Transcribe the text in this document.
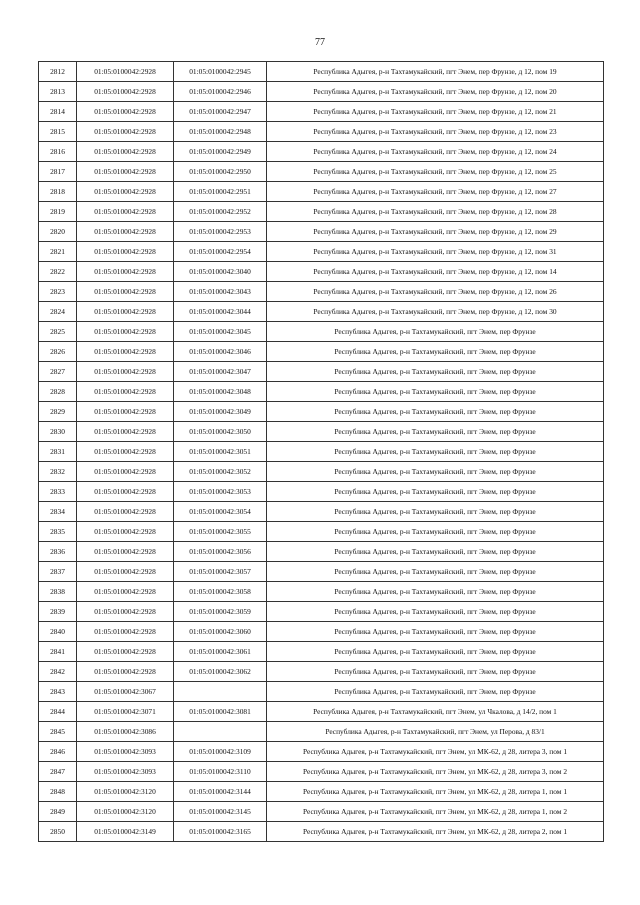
77
2812	01:05:0100042:2928	01:05:0100042:2945	Республика Адыгея, р-н Тахтамукайский, пгт Энем, пер Фрунзе, д 12, пом 19
2813	01:05:0100042:2928	01:05:0100042:2946	Республика Адыгея, р-н Тахтамукайский, пгт Энем, пер Фрунзе, д 12, пом 20
2814	01:05:0100042:2928	01:05:0100042:2947	Республика Адыгея, р-н Тахтамукайский, пгт Энем, пер Фрунзе, д 12, пом 21
2815	01:05:0100042:2928	01:05:0100042:2948	Республика Адыгея, р-н Тахтамукайский, пгт Энем, пер Фрунзе, д 12, пом 23
2816	01:05:0100042:2928	01:05:0100042:2949	Республика Адыгея, р-н Тахтамукайский, пгт Энем, пер Фрунзе, д 12, пом 24
2817	01:05:0100042:2928	01:05:0100042:2950	Республика Адыгея, р-н Тахтамукайский, пгт Энем, пер Фрунзе, д 12, пом 25
2818	01:05:0100042:2928	01:05:0100042:2951	Республика Адыгея, р-н Тахтамукайский, пгт Энем, пер Фрунзе, д 12, пом 27
2819	01:05:0100042:2928	01:05:0100042:2952	Республика Адыгея, р-н Тахтамукайский, пгт Энем, пер Фрунзе, д 12, пом 28
2820	01:05:0100042:2928	01:05:0100042:2953	Республика Адыгея, р-н Тахтамукайский, пгт Энем, пер Фрунзе, д 12, пом 29
2821	01:05:0100042:2928	01:05:0100042:2954	Республика Адыгея, р-н Тахтамукайский, пгт Энем, пер Фрунзе, д 12, пом 31
2822	01:05:0100042:2928	01:05:0100042:3040	Республика Адыгея, р-н Тахтамукайский, пгт Энем, пер Фрунзе, д 12, пом 14
2823	01:05:0100042:2928	01:05:0100042:3043	Республика Адыгея, р-н Тахтамукайский, пгт Энем, пер Фрунзе, д 12, пом 26
2824	01:05:0100042:2928	01:05:0100042:3044	Республика Адыгея, р-н Тахтамукайский, пгт Энем, пер Фрунзе, д 12, пом 30
2825	01:05:0100042:2928	01:05:0100042:3045	Республика Адыгея, р-н Тахтамукайский, пгт Энем, пер Фрунзе
2826	01:05:0100042:2928	01:05:0100042:3046	Республика Адыгея, р-н Тахтамукайский, пгт Энем, пер Фрунзе
2827	01:05:0100042:2928	01:05:0100042:3047	Республика Адыгея, р-н Тахтамукайский, пгт Энем, пер Фрунзе
2828	01:05:0100042:2928	01:05:0100042:3048	Республика Адыгея, р-н Тахтамукайский, пгт Энем, пер Фрунзе
2829	01:05:0100042:2928	01:05:0100042:3049	Республика Адыгея, р-н Тахтамукайский, пгт Энем, пер Фрунзе
2830	01:05:0100042:2928	01:05:0100042:3050	Республика Адыгея, р-н Тахтамукайский, пгт Энем, пер Фрунзе
2831	01:05:0100042:2928	01:05:0100042:3051	Республика Адыгея, р-н Тахтамукайский, пгт Энем, пер Фрунзе
2832	01:05:0100042:2928	01:05:0100042:3052	Республика Адыгея, р-н Тахтамукайский, пгт Энем, пер Фрунзе
2833	01:05:0100042:2928	01:05:0100042:3053	Республика Адыгея, р-н Тахтамукайский, пгт Энем, пер Фрунзе
2834	01:05:0100042:2928	01:05:0100042:3054	Республика Адыгея, р-н Тахтамукайский, пгт Энем, пер Фрунзе
2835	01:05:0100042:2928	01:05:0100042:3055	Республика Адыгея, р-н Тахтамукайский, пгт Энем, пер Фрунзе
2836	01:05:0100042:2928	01:05:0100042:3056	Республика Адыгея, р-н Тахтамукайский, пгт Энем, пер Фрунзе
2837	01:05:0100042:2928	01:05:0100042:3057	Республика Адыгея, р-н Тахтамукайский, пгт Энем, пер Фрунзе
2838	01:05:0100042:2928	01:05:0100042:3058	Республика Адыгея, р-н Тахтамукайский, пгт Энем, пер Фрунзе
2839	01:05:0100042:2928	01:05:0100042:3059	Республика Адыгея, р-н Тахтамукайский, пгт Энем, пер Фрунзе
2840	01:05:0100042:2928	01:05:0100042:3060	Республика Адыгея, р-н Тахтамукайский, пгт Энем, пер Фрунзе
2841	01:05:0100042:2928	01:05:0100042:3061	Республика Адыгея, р-н Тахтамукайский, пгт Энем, пер Фрунзе
2842	01:05:0100042:2928	01:05:0100042:3062	Республика Адыгея, р-н Тахтамукайский, пгт Энем, пер Фрунзе
2843	01:05:0100042:3067		Республика Адыгея, р-н Тахтамукайский, пгт Энем, пер Фрунзе
2844	01:05:0100042:3071	01:05:0100042:3081	Республика Адыгея, р-н Тахтамукайский, пгт Энем, ул Чкалова, д 14/2, пом 1
2845	01:05:0100042:3086		Республика Адыгея, р-н Тахтамукайский, пгт Энем, ул Перова, д 83/1
2846	01:05:0100042:3093	01:05:0100042:3109	Республика Адыгея, р-н Тахтамукайский, пгт Энем, ул МК-62, д 28, литера 3, пом 1
2847	01:05:0100042:3093	01:05:0100042:3110	Республика Адыгея, р-н Тахтамукайский, пгт Энем, ул МК-62, д 28, литера 3, пом 2
2848	01:05:0100042:3120	01:05:0100042:3144	Республика Адыгея, р-н Тахтамукайский, пгт Энем, ул МК-62, д 28, литера 1, пом 1
2849	01:05:0100042:3120	01:05:0100042:3145	Республика Адыгея, р-н Тахтамукайский, пгт Энем, ул МК-62, д 28, литера 1, пом 2
2850	01:05:0100042:3149	01:05:0100042:3165	Республика Адыгея, р-н Тахтамукайский, пгт Энем, ул МК-62, д 28, литера 2, пом 1
